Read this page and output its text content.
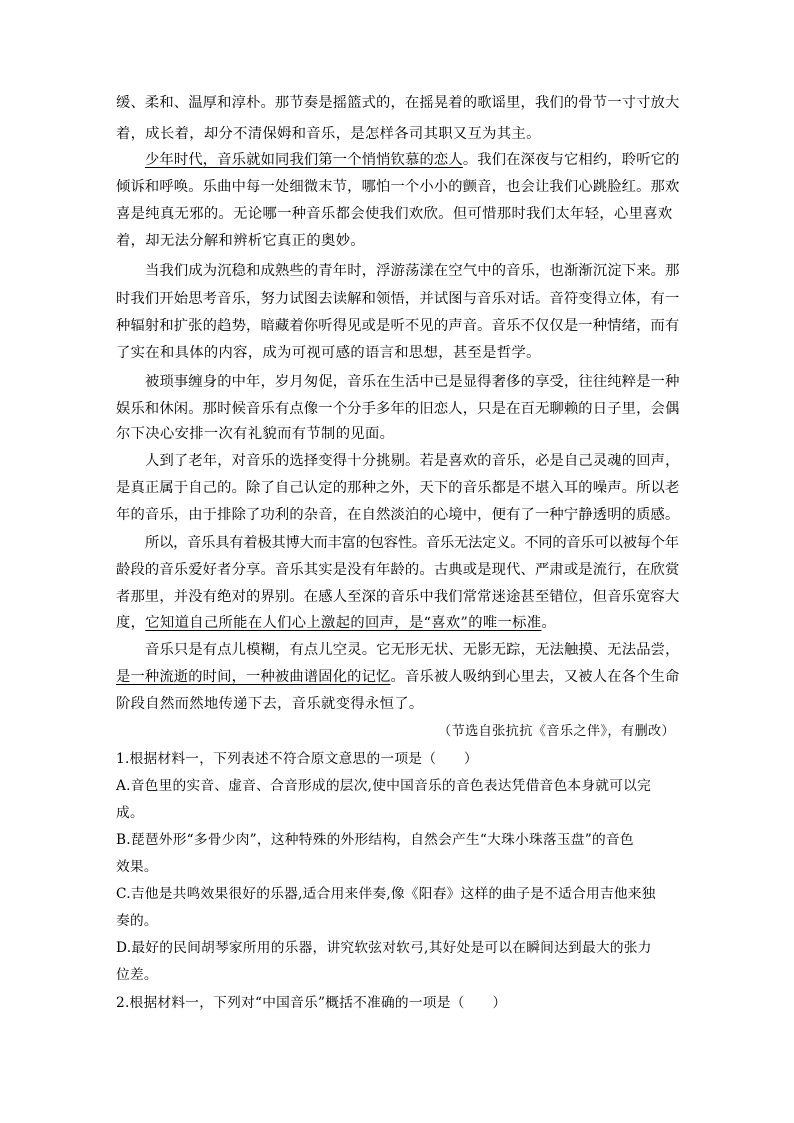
缓、柔和、温厚和淳朴。那节奏是摇篮式的，在摇晃着的歌谣里，我们的骨节一寸寸放大
着，成长着，却分不清保姆和音乐，是怎样各司其职又互为其主。
少年时代，音乐就如同我们第一个悄悄钦慕的恋人。我们在深夜与它相约，聆听它的
倾诉和呼唤。乐曲中每一处细微末节，哪怕一个小小的颤音，也会让我们心跳脸红。那欢
喜是纯真无邪的。无论哪一种音乐都会使我们欢欣。但可惜那时我们太年轻，心里喜欢
着，却无法分解和辨析它真正的奥妙。
当我们成为沉稳和成熟些的青年时，浮游荡漾在空气中的音乐，也渐渐沉淀下来。那
时我们开始思考音乐，努力试图去读解和领悟，并试图与音乐对话。音符变得立体，有一
种辐射和扩张的趋势，暗藏着你听得见或是听不见的声音。音乐不仅仅是一种情绪，而有
了实在和具体的内容，成为可视可感的语言和思想，甚至是哲学。
被琐事缠身的中年，岁月匆促，音乐在生活中已是显得奢侈的享受，往往纯粹是一种
娱乐和休闲。那时候音乐有点像一个分手多年的旧恋人，只是在百无聊赖的日子里，会偶
尔下决心安排一次有礼貌而有节制的见面。
人到了老年，对音乐的选择变得十分挑剔。若是喜欢的音乐，必是自己灵魂的回声，
是真正属于自己的。除了自己认定的那种之外，天下的音乐都是不堪入耳的噪声。所以老
年的音乐，由于排除了功利的杂音，在自然淡泊的心境中，便有了一种宁静透明的质感。
所以，音乐具有着极其博大而丰富的包容性。音乐无法定义。不同的音乐可以被每个年
龄段的音乐爱好者分享。音乐其实是没有年龄的。古典或是现代、严肃或是流行，在欣赏
者那里，并没有绝对的界别。在感人至深的音乐中我们常常迷途甚至错位，但音乐宽容大
度，它知道自己所能在人们心上激起的回声，是“喜欢”的唯一标准。
音乐只是有点儿模糊，有点儿空灵。它无形无状、无影无踪，无法触摸、无法品尝，
是一种流逝的时间，一种被曲谱固化的记忆。音乐被人吸纳到心里去，又被人在各个生命
阶段自然而然地传递下去，音乐就变得永恒了。
（节选自张抗抗《音乐之伴》，有删改）
1.根据材料一，下列表述不符合原文意思的一项是（　　）
A.音色里的实音、虚音、合音形成的层次,使中国音乐的音色表达凭借音色本身就可以完
成。
B.琵琶外形“多骨少肉”，这种特殊的外形结构，自然会产生“大珠小珠落玉盘”的音色
效果。
C.吉他是共鸣效果很好的乐器,适合用来伴奏,像《阳春》这样的曲子是不适合用吉他来独
奏的。
D.最好的民间胡琴家所用的乐器，讲究软弦对软弓,其好处是可以在瞬间达到最大的张力
位差。
2.根据材料一，下列对“中国音乐”概括不准确的一项是（　　）
